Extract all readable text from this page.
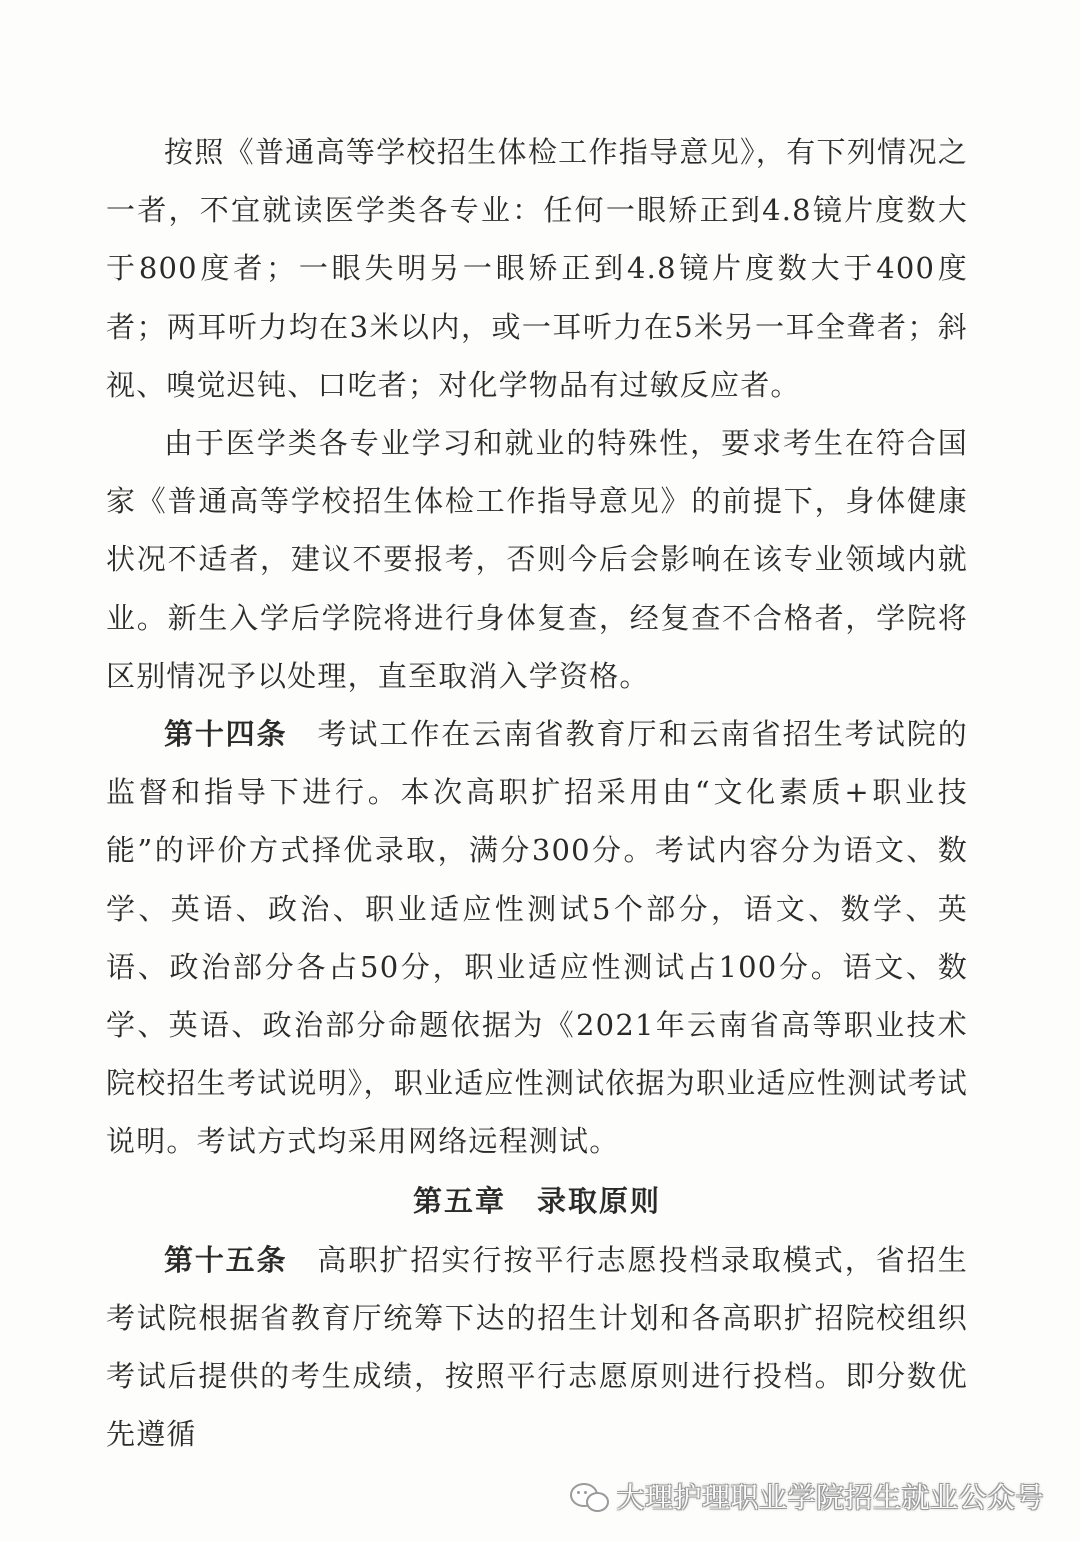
按照《普通高等学校招生体检工作指导意见》，有下列情况之一者，不宜就读医学类各专业：任何一眼矫正到4.8镜片度数大于800度者；一眼失明另一眼矫正到4.8镜片度数大于400度者；两耳听力均在3米以内，或一耳听力在5米另一耳全聋者；斜视、嗅觉迟钝、口吃者；对化学物品有过敏反应者。

由于医学类各专业学习和就业的特殊性，要求考生在符合国家《普通高等学校招生体检工作指导意见》的前提下，身体健康状况不适者，建议不要报考，否则今后会影响在该专业领域内就业。新生入学后学院将进行身体复查，经复查不合格者，学院将区别情况予以处理，直至取消入学资格。

第十四条 考试工作在云南省教育厅和云南省招生考试院的监督和指导下进行。本次高职扩招采用由“文化素质+职业技能”的评价方式择优录取，满分300分。考试内容分为语文、数学、英语、政治、职业适应性测试5个部分，语文、数学、英语、政治部分各占50分，职业适应性测试占100分。语文、数学、英语、政治部分命题依据为《2021年云南省高等职业技术院校招生考试说明》，职业适应性测试依据为职业适应性测试考试说明。考试方式均采用网络远程测试。

第五章　录取原则

第十五条 高职扩招实行按平行志愿投档录取模式，省招生考试院根据省教育厅统筹下达的招生计划和各高职扩招院校组织考试后提供的考生成绩，按照平行志愿原则进行投档。即分数优先遵循

大理护理职业学院招生就业公众号
